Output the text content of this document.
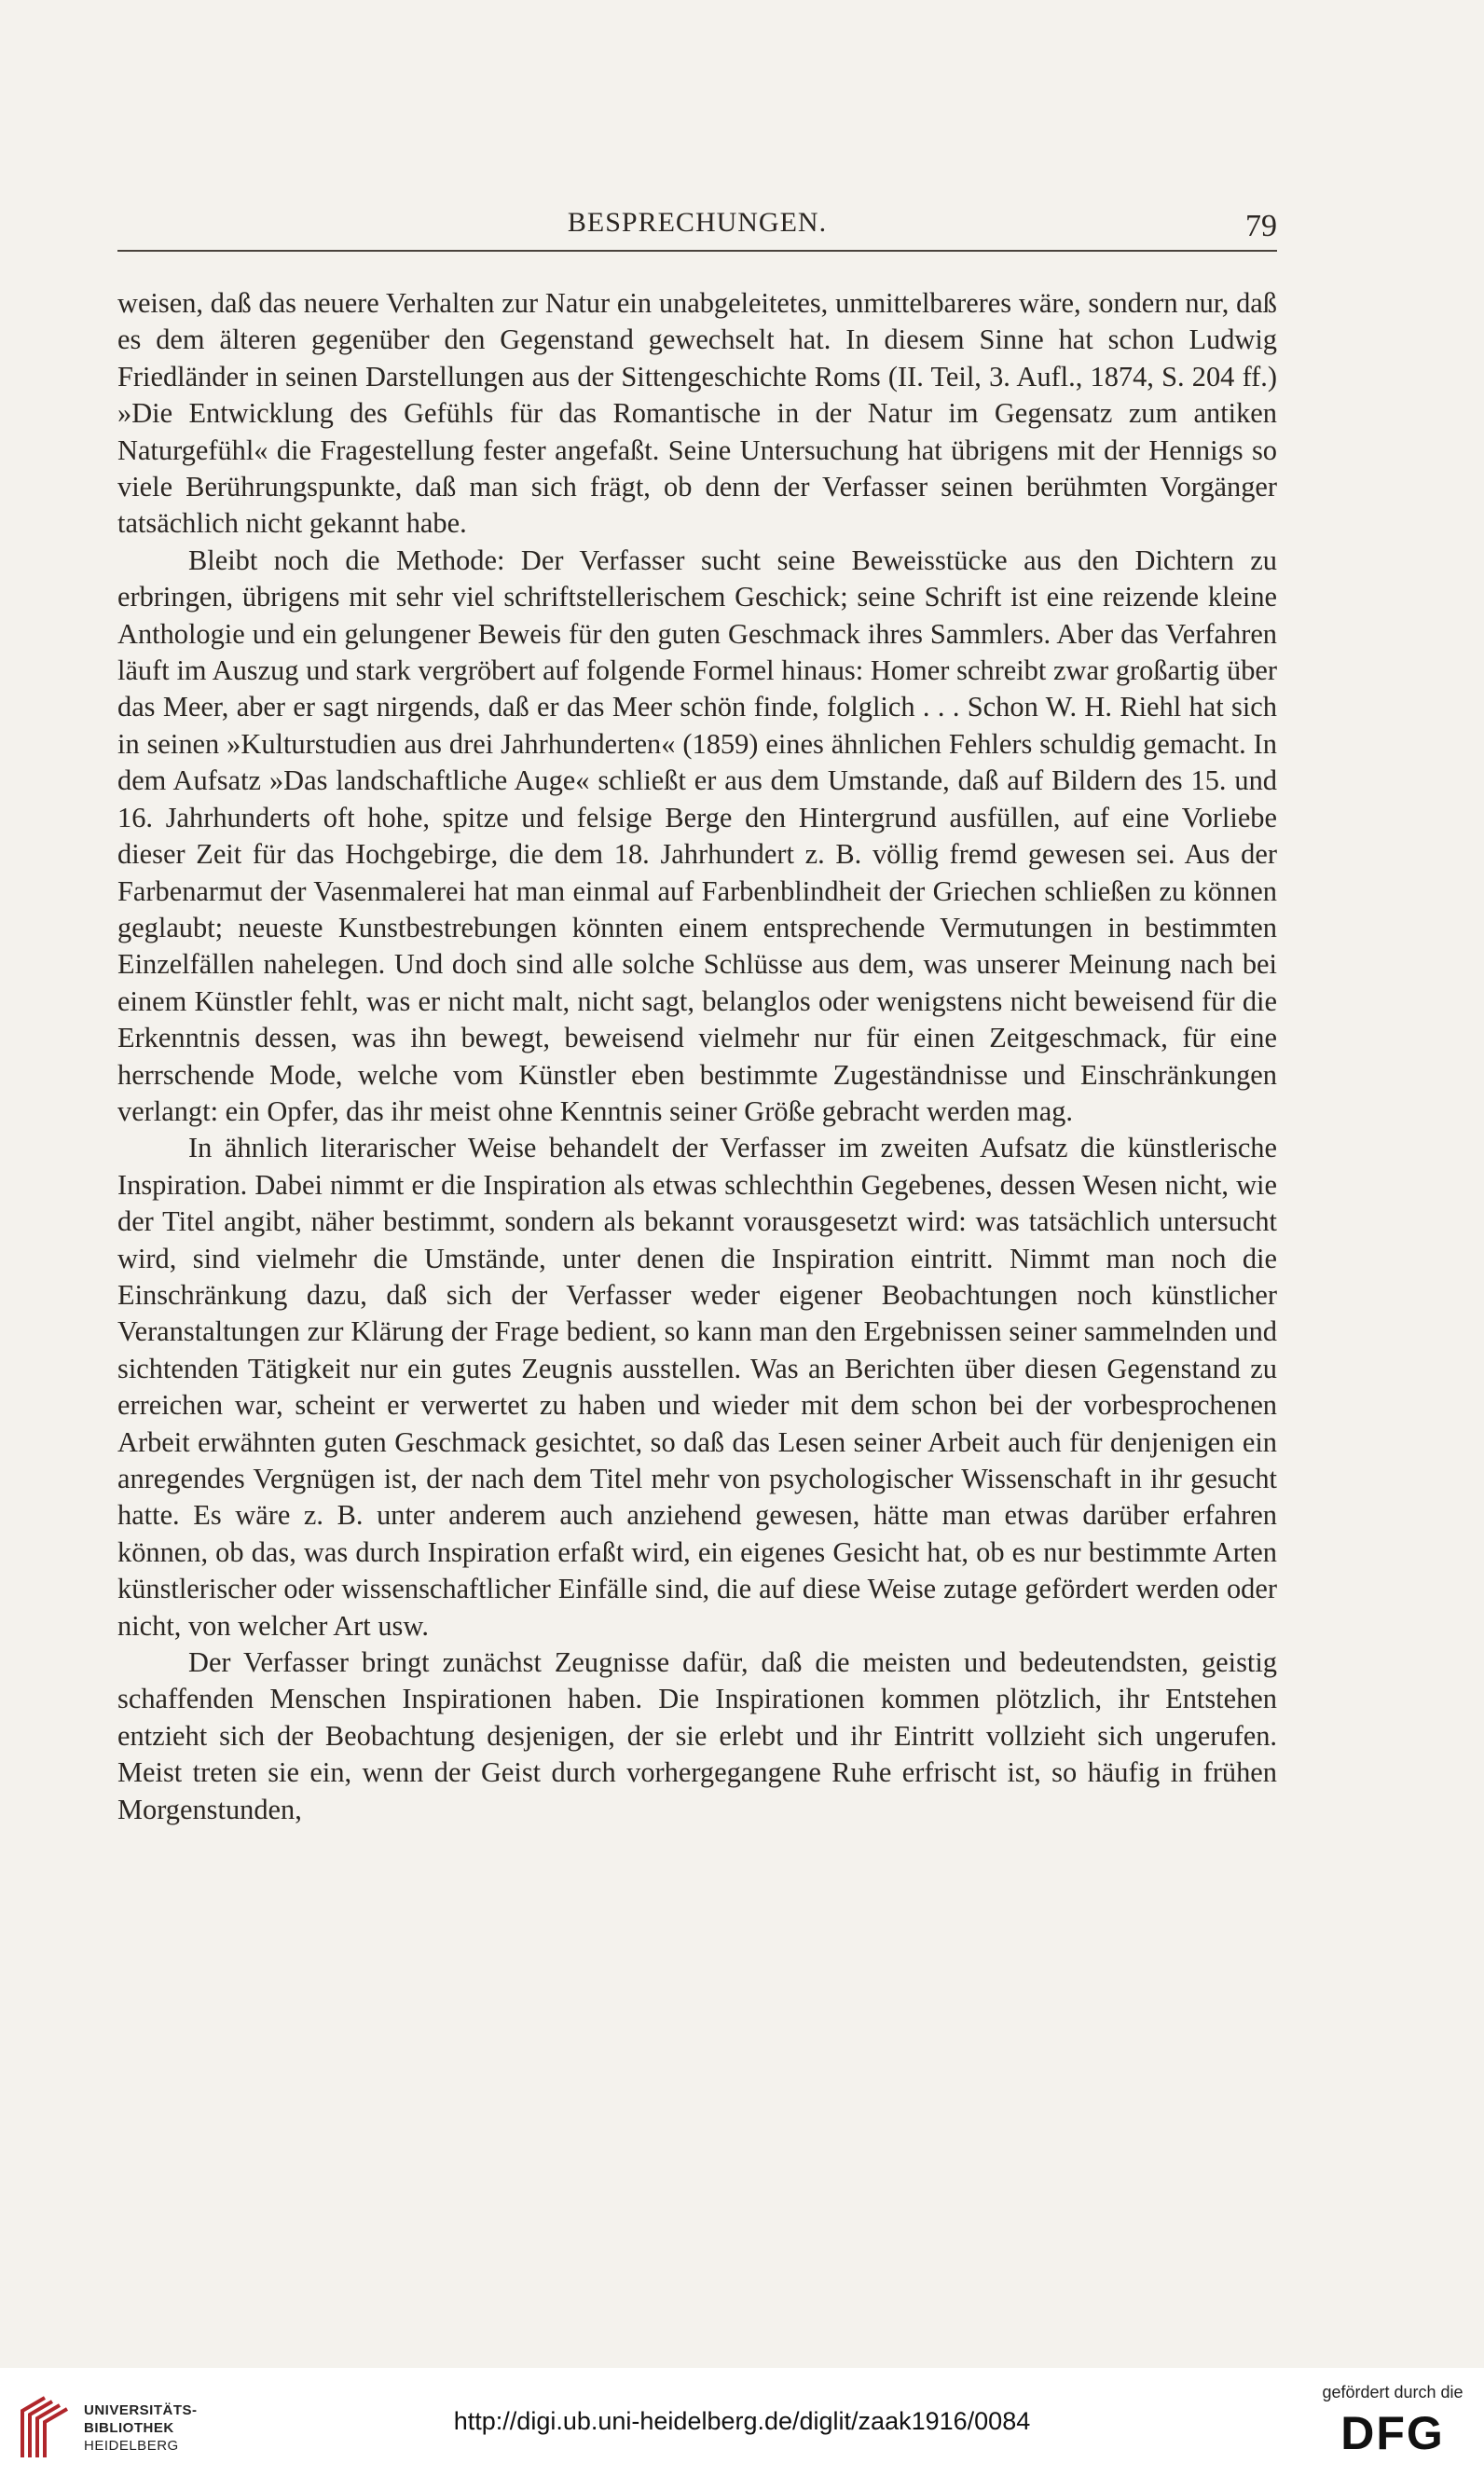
BESPRECHUNGEN.	79

weisen, daß das neuere Verhalten zur Natur ein unabgeleitetes, unmittelbareres wäre, sondern nur, daß es dem älteren gegenüber den Gegenstand gewechselt hat. In diesem Sinne hat schon Ludwig Friedländer in seinen Darstellungen aus der Sittengeschichte Roms (II. Teil, 3. Aufl., 1874, S. 204 ff.) »Die Entwicklung des Gefühls für das Romantische in der Natur im Gegensatz zum antiken Naturgefühl« die Fragestellung fester angefaßt. Seine Untersuchung hat übrigens mit der Hennigs so viele Berührungspunkte, daß man sich frägt, ob denn der Verfasser seinen berühmten Vorgänger tatsächlich nicht gekannt habe.

Bleibt noch die Methode: Der Verfasser sucht seine Beweisstücke aus den Dichtern zu erbringen, übrigens mit sehr viel schriftstellerischem Geschick; seine Schrift ist eine reizende kleine Anthologie und ein gelungener Beweis für den guten Geschmack ihres Sammlers. Aber das Verfahren läuft im Auszug und stark vergröbert auf folgende Formel hinaus: Homer schreibt zwar großartig über das Meer, aber er sagt nirgends, daß er das Meer schön finde, folglich . . . Schon W. H. Riehl hat sich in seinen »Kulturstudien aus drei Jahrhunderten« (1859) eines ähnlichen Fehlers schuldig gemacht. In dem Aufsatz »Das landschaftliche Auge« schließt er aus dem Umstande, daß auf Bildern des 15. und 16. Jahrhunderts oft hohe, spitze und felsige Berge den Hintergrund ausfüllen, auf eine Vorliebe dieser Zeit für das Hochgebirge, die dem 18. Jahrhundert z. B. völlig fremd gewesen sei. Aus der Farbenarmut der Vasenmalerei hat man einmal auf Farbenblindheit der Griechen schließen zu können geglaubt; neueste Kunstbestrebungen könnten einem entsprechende Vermutungen in bestimmten Einzelfällen nahelegen. Und doch sind alle solche Schlüsse aus dem, was unserer Meinung nach bei einem Künstler fehlt, was er nicht malt, nicht sagt, belanglos oder wenigstens nicht beweisend für die Erkenntnis dessen, was ihn bewegt, beweisend vielmehr nur für einen Zeitgeschmack, für eine herrschende Mode, welche vom Künstler eben bestimmte Zugeständnisse und Einschränkungen verlangt: ein Opfer, das ihr meist ohne Kenntnis seiner Größe gebracht werden mag.

In ähnlich literarischer Weise behandelt der Verfasser im zweiten Aufsatz die künstlerische Inspiration. Dabei nimmt er die Inspiration als etwas schlechthin Gegebenes, dessen Wesen nicht, wie der Titel angibt, näher bestimmt, sondern als bekannt vorausgesetzt wird: was tatsächlich untersucht wird, sind vielmehr die Umstände, unter denen die Inspiration eintritt. Nimmt man noch die Einschränkung dazu, daß sich der Verfasser weder eigener Beobachtungen noch künstlicher Veranstaltungen zur Klärung der Frage bedient, so kann man den Ergebnissen seiner sammelnden und sichtenden Tätigkeit nur ein gutes Zeugnis ausstellen. Was an Berichten über diesen Gegenstand zu erreichen war, scheint er verwertet zu haben und wieder mit dem schon bei der vorbesprochenen Arbeit erwähnten guten Geschmack gesichtet, so daß das Lesen seiner Arbeit auch für denjenigen ein anregendes Vergnügen ist, der nach dem Titel mehr von psychologischer Wissenschaft in ihr gesucht hatte. Es wäre z. B. unter anderem auch anziehend gewesen, hätte man etwas darüber erfahren können, ob das, was durch Inspiration erfaßt wird, ein eigenes Gesicht hat, ob es nur bestimmte Arten künstlerischer oder wissenschaftlicher Einfälle sind, die auf diese Weise zutage gefördert werden oder nicht, von welcher Art usw.

Der Verfasser bringt zunächst Zeugnisse dafür, daß die meisten und bedeutendsten, geistig schaffenden Menschen Inspirationen haben. Die Inspirationen kommen plötzlich, ihr Entstehen entzieht sich der Beobachtung desjenigen, der sie erlebt und ihr Eintritt vollzieht sich ungerufen. Meist treten sie ein, wenn der Geist durch vorhergegangene Ruhe erfrischt ist, so häufig in frühen Morgenstunden,

UNIVERSITÄTS-
BIBLIOTHEK
HEIDELBERG
http://digi.ub.uni-heidelberg.de/diglit/zaak1916/0084
gefördert durch die
DFG
